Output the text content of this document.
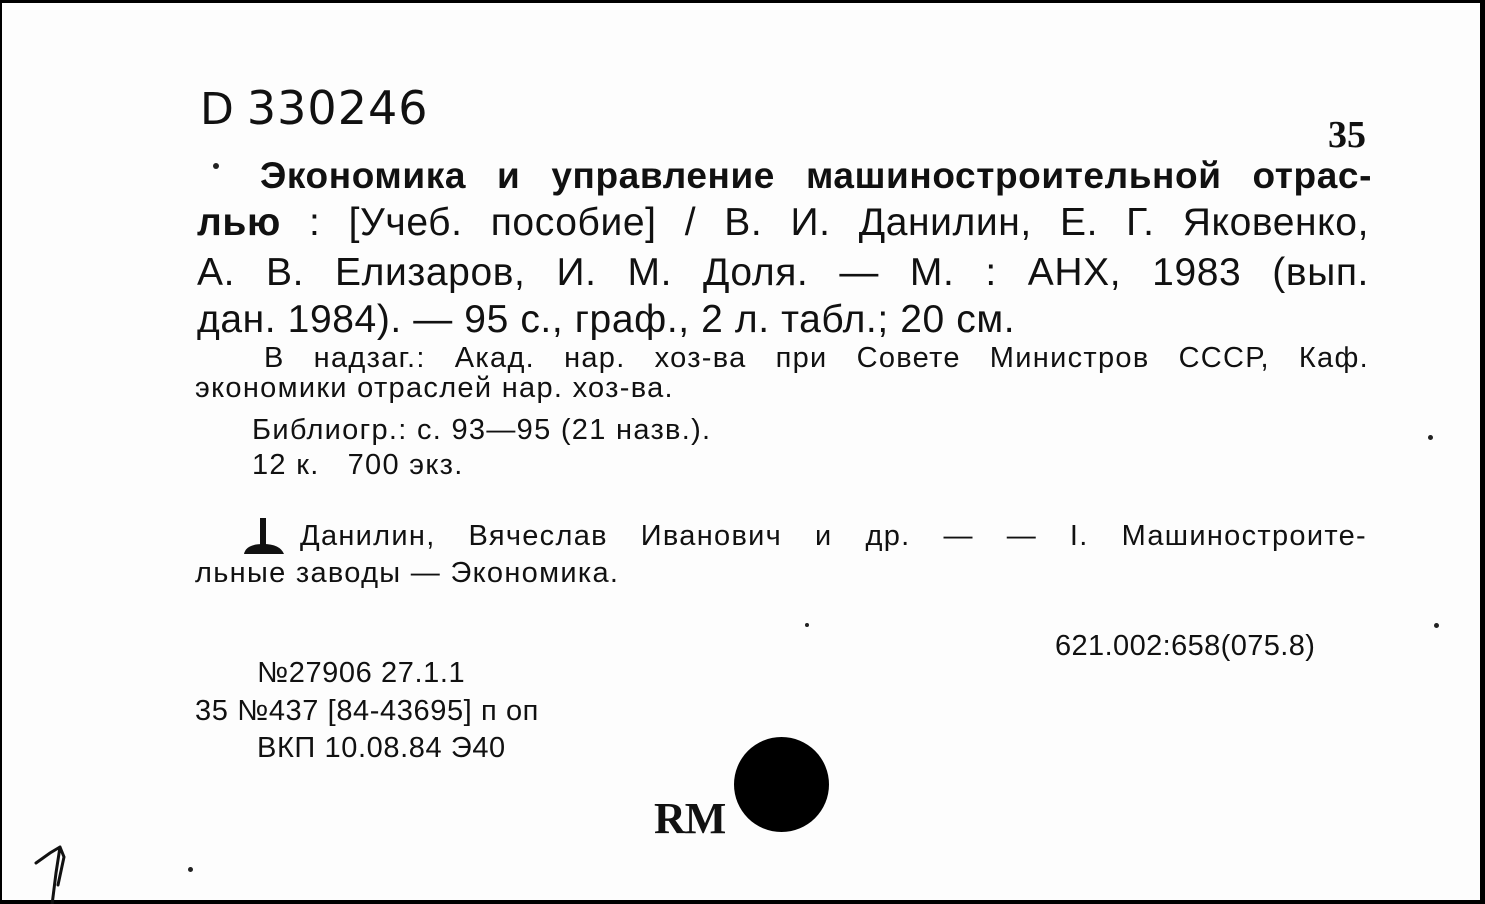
D 330246	35
Экономика и управление машиностроительной отрас-
лью : [Учеб. пособие] / В. И. Данилин, Е. Г. Яковенко,
А. В. Елизаров, И. М. Доля. — М. : АНХ, 1983 (вып.
дан. 1984). — 95 с., граф., 2 л. табл.; 20 см.
В надзаг.: Акад. нар. хоз-ва при Совете Министров СССР, Каф.
экономики отраслей нар. хоз-ва.
Библиогр.: с. 93—95 (21 назв.).
12 к.   700 экз.
Данилин, Вячеслав Иванович и др. — — I. Машиностроите-
льные заводы — Экономика.
621.002:658(075.8)
№27906 27.1.1
35 №437 [84-43695] п оп
ВКП 10.08.84 Э40
RM
